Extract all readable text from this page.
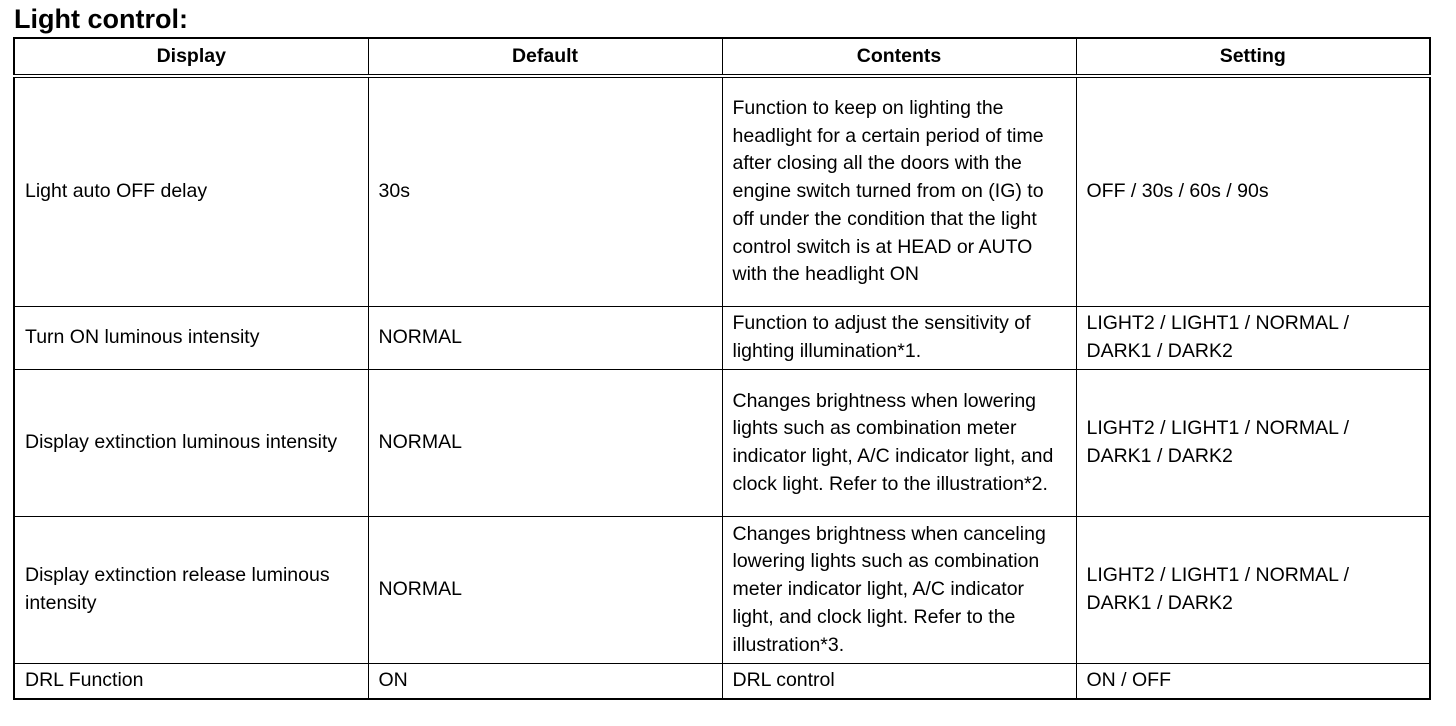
Light control:
Display	Default	Contents	Setting
Light auto OFF delay	30s	Function to keep on lighting the headlight for a certain period of time after closing all the doors with the engine switch turned from on (IG) to off under the condition that the light control switch is at HEAD or AUTO with the headlight ON	OFF / 30s / 60s / 90s
Turn ON luminous intensity	NORMAL	Function to adjust the sensitivity of lighting illumination*1.	LIGHT2 / LIGHT1 / NORMAL / DARK1 / DARK2
Display extinction luminous intensity	NORMAL	Changes brightness when lowering lights such as combination meter indicator light, A/C indicator light, and clock light. Refer to the illustration*2.	LIGHT2 / LIGHT1 / NORMAL / DARK1 / DARK2
Display extinction release luminous intensity	NORMAL	Changes brightness when canceling lowering lights such as combination meter indicator light, A/C indicator light, and clock light. Refer to the illustration*3.	LIGHT2 / LIGHT1 / NORMAL / DARK1 / DARK2
DRL Function	ON	DRL control	ON / OFF
